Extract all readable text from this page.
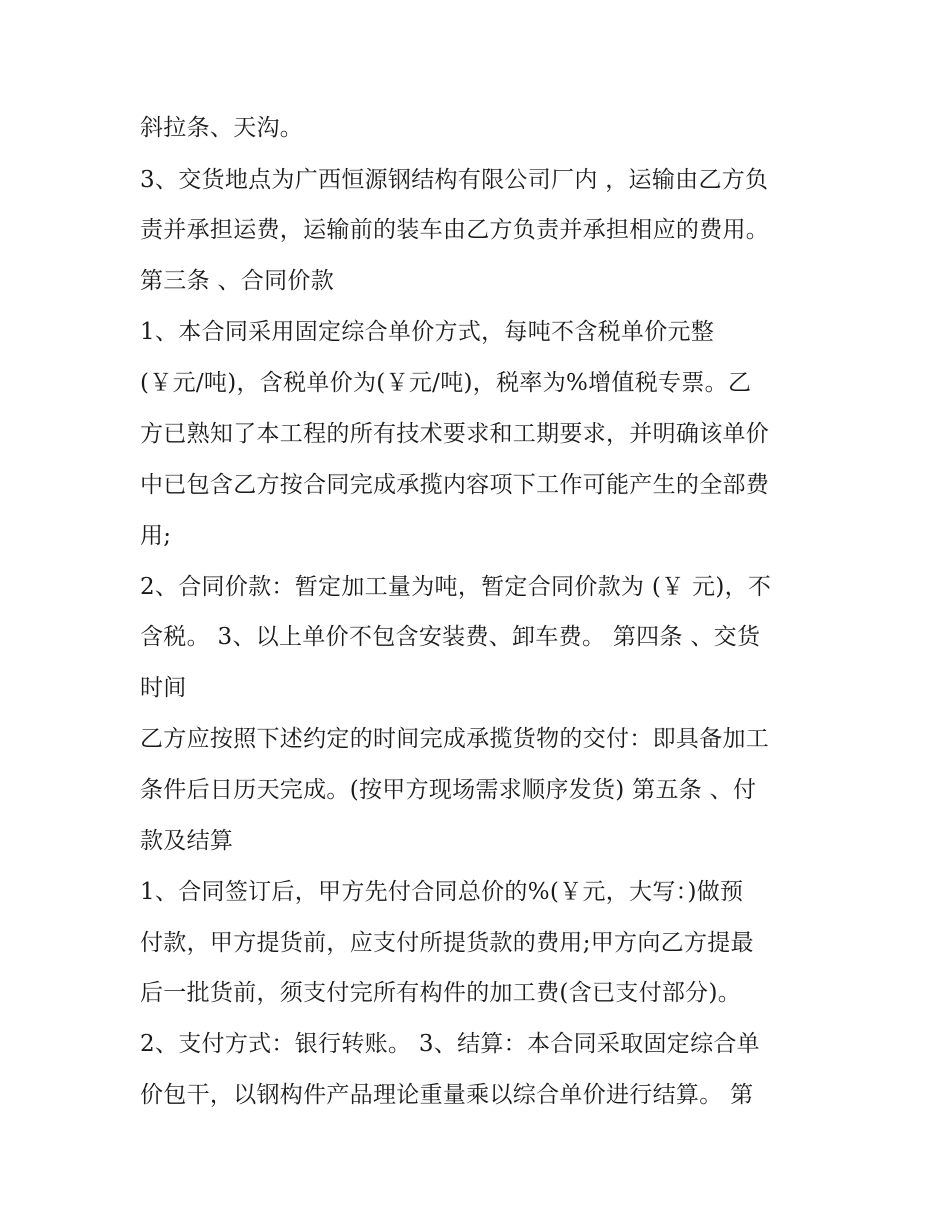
斜拉条、天沟。
3、交货地点为广西恒源钢结构有限公司厂内 ，运输由乙方负
责并承担运费，运输前的装车由乙方负责并承担相应的费用。
第三条 、合同价款
1、本合同采用固定综合单价方式，每吨不含税单价元整
(￥元/吨)，含税单价为(￥元/吨)，税率为%增值税专票。乙
方已熟知了本工程的所有技术要求和工期要求，并明确该单价
中已包含乙方按合同完成承揽内容项下工作可能产生的全部费
用;
2、合同价款：暂定加工量为吨，暂定合同价款为 (￥ 元)，不
含税。 3、以上单价不包含安装费、卸车费。 第四条 、交货
时间
乙方应按照下述约定的时间完成承揽货物的交付：即具备加工
条件后日历天完成。(按甲方现场需求顺序发货) 第五条 、付
款及结算
1、合同签订后，甲方先付合同总价的%(￥元，大写：)做预
付款，甲方提货前，应支付所提货款的费用;甲方向乙方提最
后一批货前，须支付完所有构件的加工费(含已支付部分)。
2、支付方式：银行转账。 3、结算：本合同采取固定综合单
价包干，以钢构件产品理论重量乘以综合单价进行结算。 第
